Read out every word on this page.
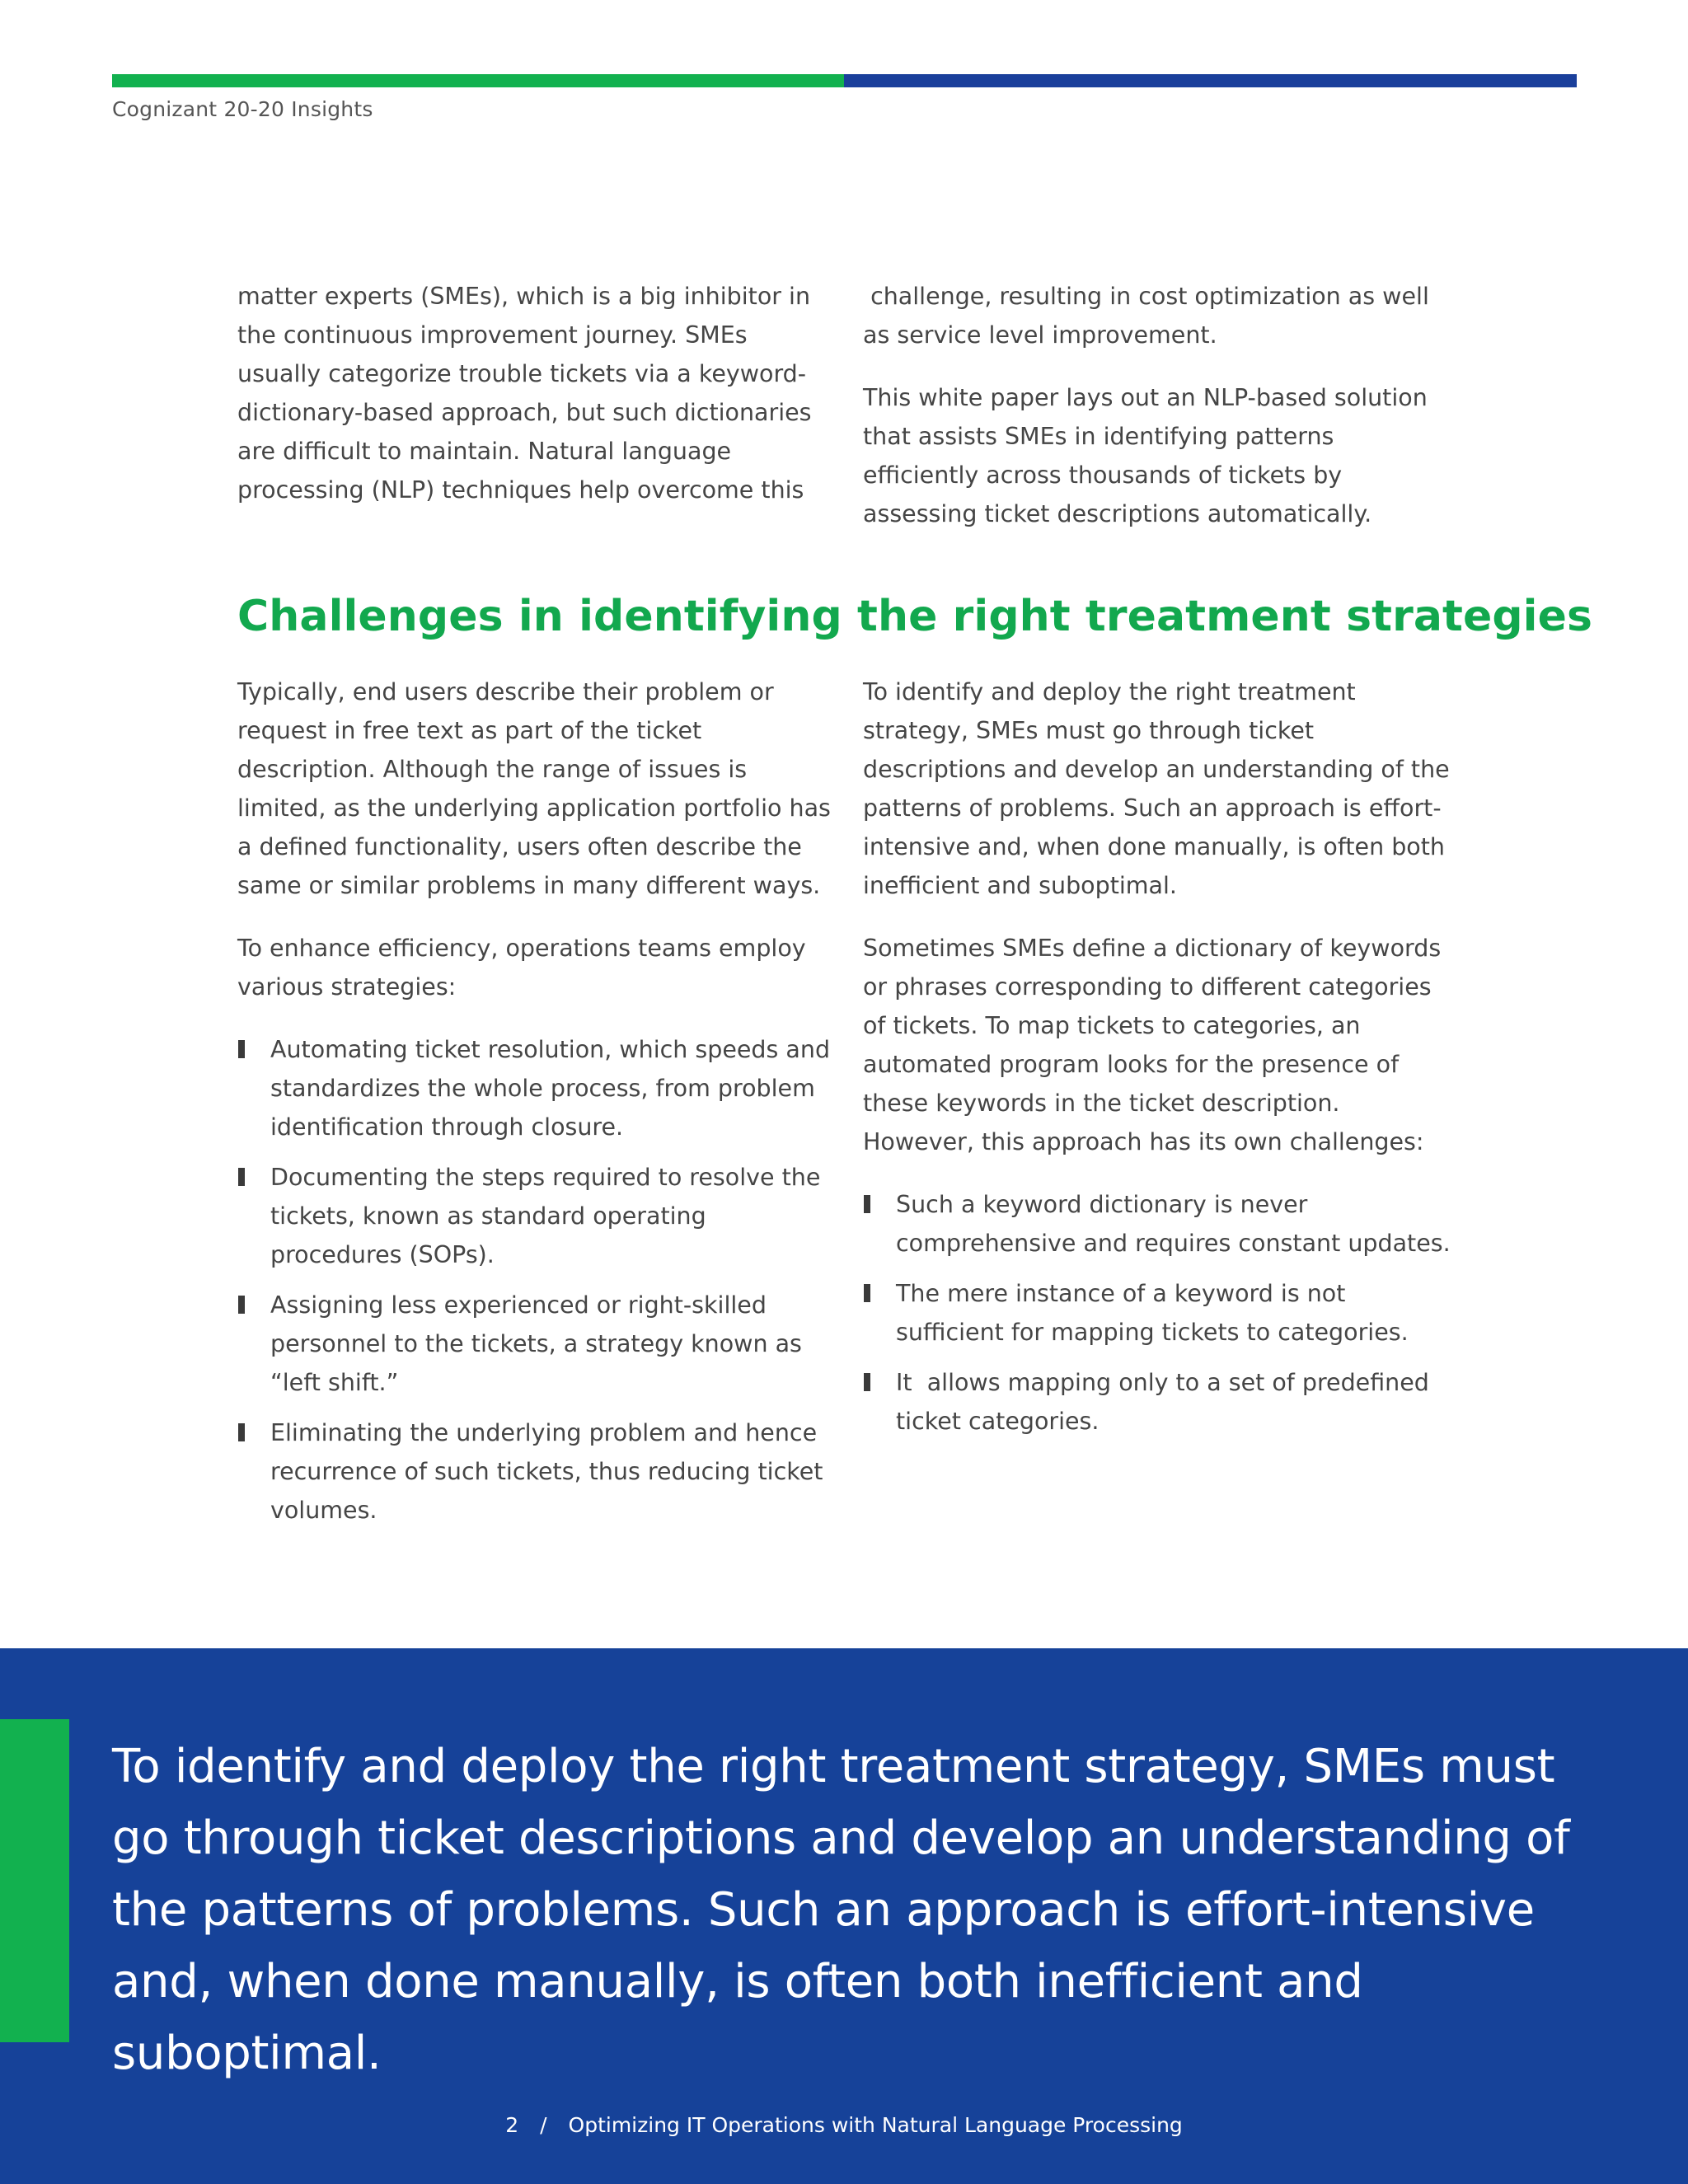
Cognizant 20-20 Insights

matter experts (SMEs), which is a big inhibitor in the continuous improvement journey. SMEs usually categorize trouble tickets via a keyword-dictionary-based approach, but such dictionaries are difficult to maintain. Natural language processing (NLP) techniques help overcome this

challenge, resulting in cost optimization as well as service level improvement.

This white paper lays out an NLP-based solution that assists SMEs in identifying patterns efficiently across thousands of tickets by assessing ticket descriptions automatically.

Challenges in identifying the right treatment strategies

Typically, end users describe their problem or request in free text as part of the ticket description. Although the range of issues is limited, as the underlying application portfolio has a defined functionality, users often describe the same or similar problems in many different ways.

To enhance efficiency, operations teams employ various strategies:

Automating ticket resolution, which speeds and standardizes the whole process, from problem identification through closure.
Documenting the steps required to resolve the tickets, known as standard operating procedures (SOPs).
Assigning less experienced or right-skilled personnel to the tickets, a strategy known as “left shift.”
Eliminating the underlying problem and hence recurrence of such tickets, thus reducing ticket volumes.

To identify and deploy the right treatment strategy, SMEs must go through ticket descriptions and develop an understanding of the patterns of problems. Such an approach is effort-intensive and, when done manually, is often both inefficient and suboptimal.

Sometimes SMEs define a dictionary of keywords or phrases corresponding to different categories of tickets. To map tickets to categories, an automated program looks for the presence of these keywords in the ticket description. However, this approach has its own challenges:

Such a keyword dictionary is never comprehensive and requires constant updates.
The mere instance of a keyword is not sufficient for mapping tickets to categories.
It  allows mapping only to a set of predefined ticket categories.

To identify and deploy the right treatment strategy, SMEs must go through ticket descriptions and develop an understanding of the patterns of problems. Such an approach is effort-intensive and, when done manually, is often both inefficient and suboptimal.

2 / Optimizing IT Operations with Natural Language Processing
